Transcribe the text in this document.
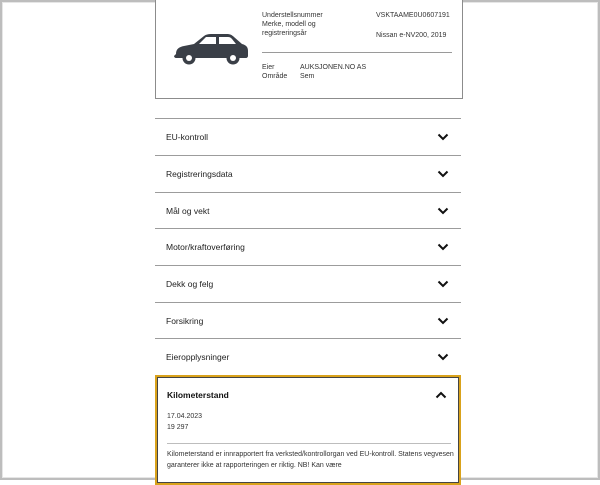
Understellsnummer	VSKTAAME0U0607191
Merke, modell og
registreringsår	Nissan e-NV200, 2019
Eier	AUKSJONEN.NO AS
Område Sem
EU-kontroll
Registreringsdata
Mål og vekt
Motor/kraftoverføring
Dekk og felg
Forsikring
Eieropplysninger
Kilometerstand
17.04.2023
19 297
Kilometerstand er innrapportert fra verksted/kontrollorgan ved EU-kontroll. Statens vegvesen garanterer ikke at rapporteringen er riktig. NB! Kan være
